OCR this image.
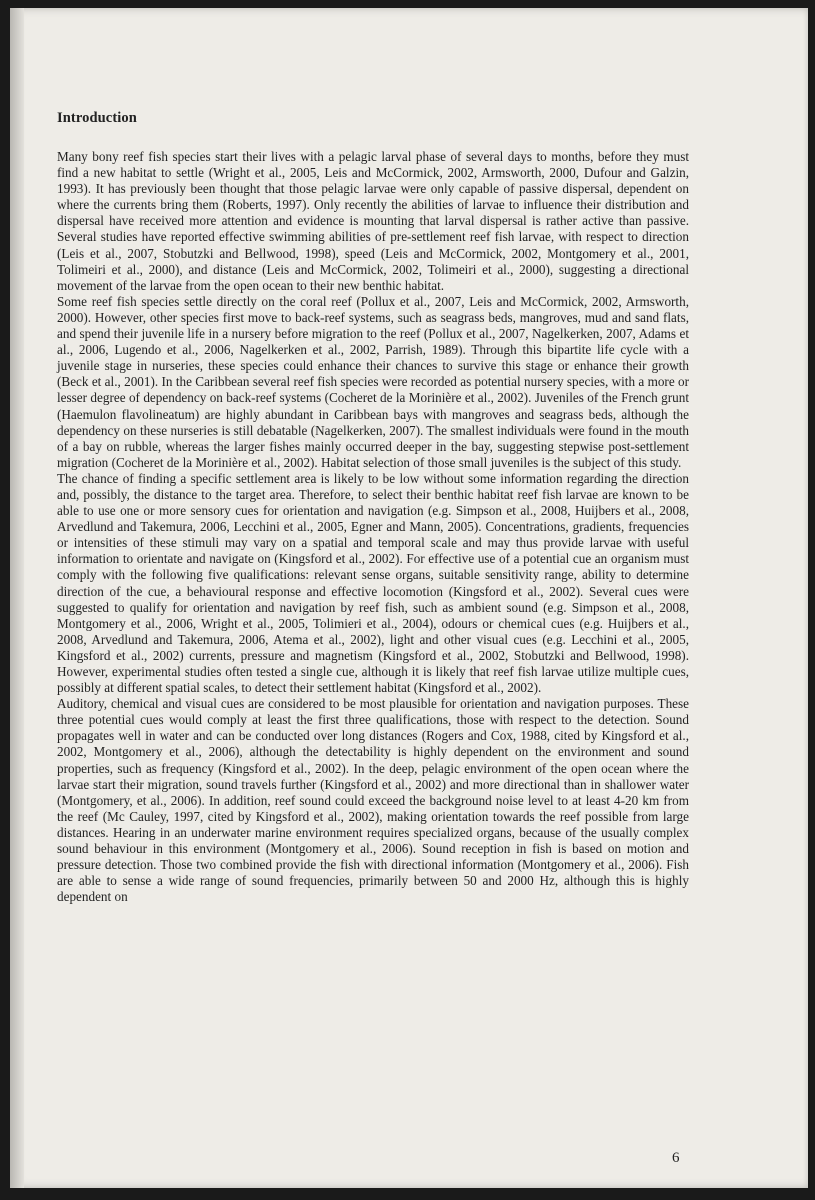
Introduction

Many bony reef fish species start their lives with a pelagic larval phase of several days to months, before they must find a new habitat to settle (Wright et al., 2005, Leis and McCormick, 2002, Armsworth, 2000, Dufour and Galzin, 1993). It has previously been thought that those pelagic larvae were only capable of passive dispersal, dependent on where the currents bring them (Roberts, 1997). Only recently the abilities of larvae to influence their distribution and dispersal have received more attention and evidence is mounting that larval dispersal is rather active than passive. Several studies have reported effective swimming abilities of pre-settlement reef fish larvae, with respect to direction (Leis et al., 2007, Stobutzki and Bellwood, 1998), speed (Leis and McCormick, 2002, Montgomery et al., 2001, Tolimeiri et al., 2000), and distance (Leis and McCormick, 2002, Tolimeiri et al., 2000), suggesting a directional movement of the larvae from the open ocean to their new benthic habitat.

Some reef fish species settle directly on the coral reef (Pollux et al., 2007, Leis and McCormick, 2002, Armsworth, 2000). However, other species first move to back-reef systems, such as seagrass beds, mangroves, mud and sand flats, and spend their juvenile life in a nursery before migration to the reef (Pollux et al., 2007, Nagelkerken, 2007, Adams et al., 2006, Lugendo et al., 2006, Nagelkerken et al., 2002, Parrish, 1989). Through this bipartite life cycle with a juvenile stage in nurseries, these species could enhance their chances to survive this stage or enhance their growth (Beck et al., 2001). In the Caribbean several reef fish species were recorded as potential nursery species, with a more or lesser degree of dependency on back-reef systems (Cocheret de la Morinière et al., 2002). Juveniles of the French grunt (Haemulon flavolineatum) are highly abundant in Caribbean bays with mangroves and seagrass beds, although the dependency on these nurseries is still debatable (Nagelkerken, 2007). The smallest individuals were found in the mouth of a bay on rubble, whereas the larger fishes mainly occurred deeper in the bay, suggesting stepwise post-settlement migration (Cocheret de la Morinière et al., 2002). Habitat selection of those small juveniles is the subject of this study.

The chance of finding a specific settlement area is likely to be low without some information regarding the direction and, possibly, the distance to the target area. Therefore, to select their benthic habitat reef fish larvae are known to be able to use one or more sensory cues for orientation and navigation (e.g. Simpson et al., 2008, Huijbers et al., 2008, Arvedlund and Takemura, 2006, Lecchini et al., 2005, Egner and Mann, 2005). Concentrations, gradients, frequencies or intensities of these stimuli may vary on a spatial and temporal scale and may thus provide larvae with useful information to orientate and navigate on (Kingsford et al., 2002). For effective use of a potential cue an organism must comply with the following five qualifications: relevant sense organs, suitable sensitivity range, ability to determine direction of the cue, a behavioural response and effective locomotion (Kingsford et al., 2002). Several cues were suggested to qualify for orientation and navigation by reef fish, such as ambient sound (e.g. Simpson et al., 2008, Montgomery et al., 2006, Wright et al., 2005, Tolimieri et al., 2004), odours or chemical cues (e.g. Huijbers et al., 2008, Arvedlund and Takemura, 2006, Atema et al., 2002), light and other visual cues (e.g. Lecchini et al., 2005, Kingsford et al., 2002) currents, pressure and magnetism (Kingsford et al., 2002, Stobutzki and Bellwood, 1998). However, experimental studies often tested a single cue, although it is likely that reef fish larvae utilize multiple cues, possibly at different spatial scales, to detect their settlement habitat (Kingsford et al., 2002).

Auditory, chemical and visual cues are considered to be most plausible for orientation and navigation purposes. These three potential cues would comply at least the first three qualifications, those with respect to the detection. Sound propagates well in water and can be conducted over long distances (Rogers and Cox, 1988, cited by Kingsford et al., 2002, Montgomery et al., 2006), although the detectability is highly dependent on the environment and sound properties, such as frequency (Kingsford et al., 2002). In the deep, pelagic environment of the open ocean where the larvae start their migration, sound travels further (Kingsford et al., 2002) and more directional than in shallower water (Montgomery, et al., 2006). In addition, reef sound could exceed the background noise level to at least 4-20 km from the reef (Mc Cauley, 1997, cited by Kingsford et al., 2002), making orientation towards the reef possible from large distances. Hearing in an underwater marine environment requires specialized organs, because of the usually complex sound behaviour in this environment (Montgomery et al., 2006). Sound reception in fish is based on motion and pressure detection. Those two combined provide the fish with directional information (Montgomery et al., 2006). Fish are able to sense a wide range of sound frequencies, primarily between 50 and 2000 Hz, although this is highly dependent on

6
